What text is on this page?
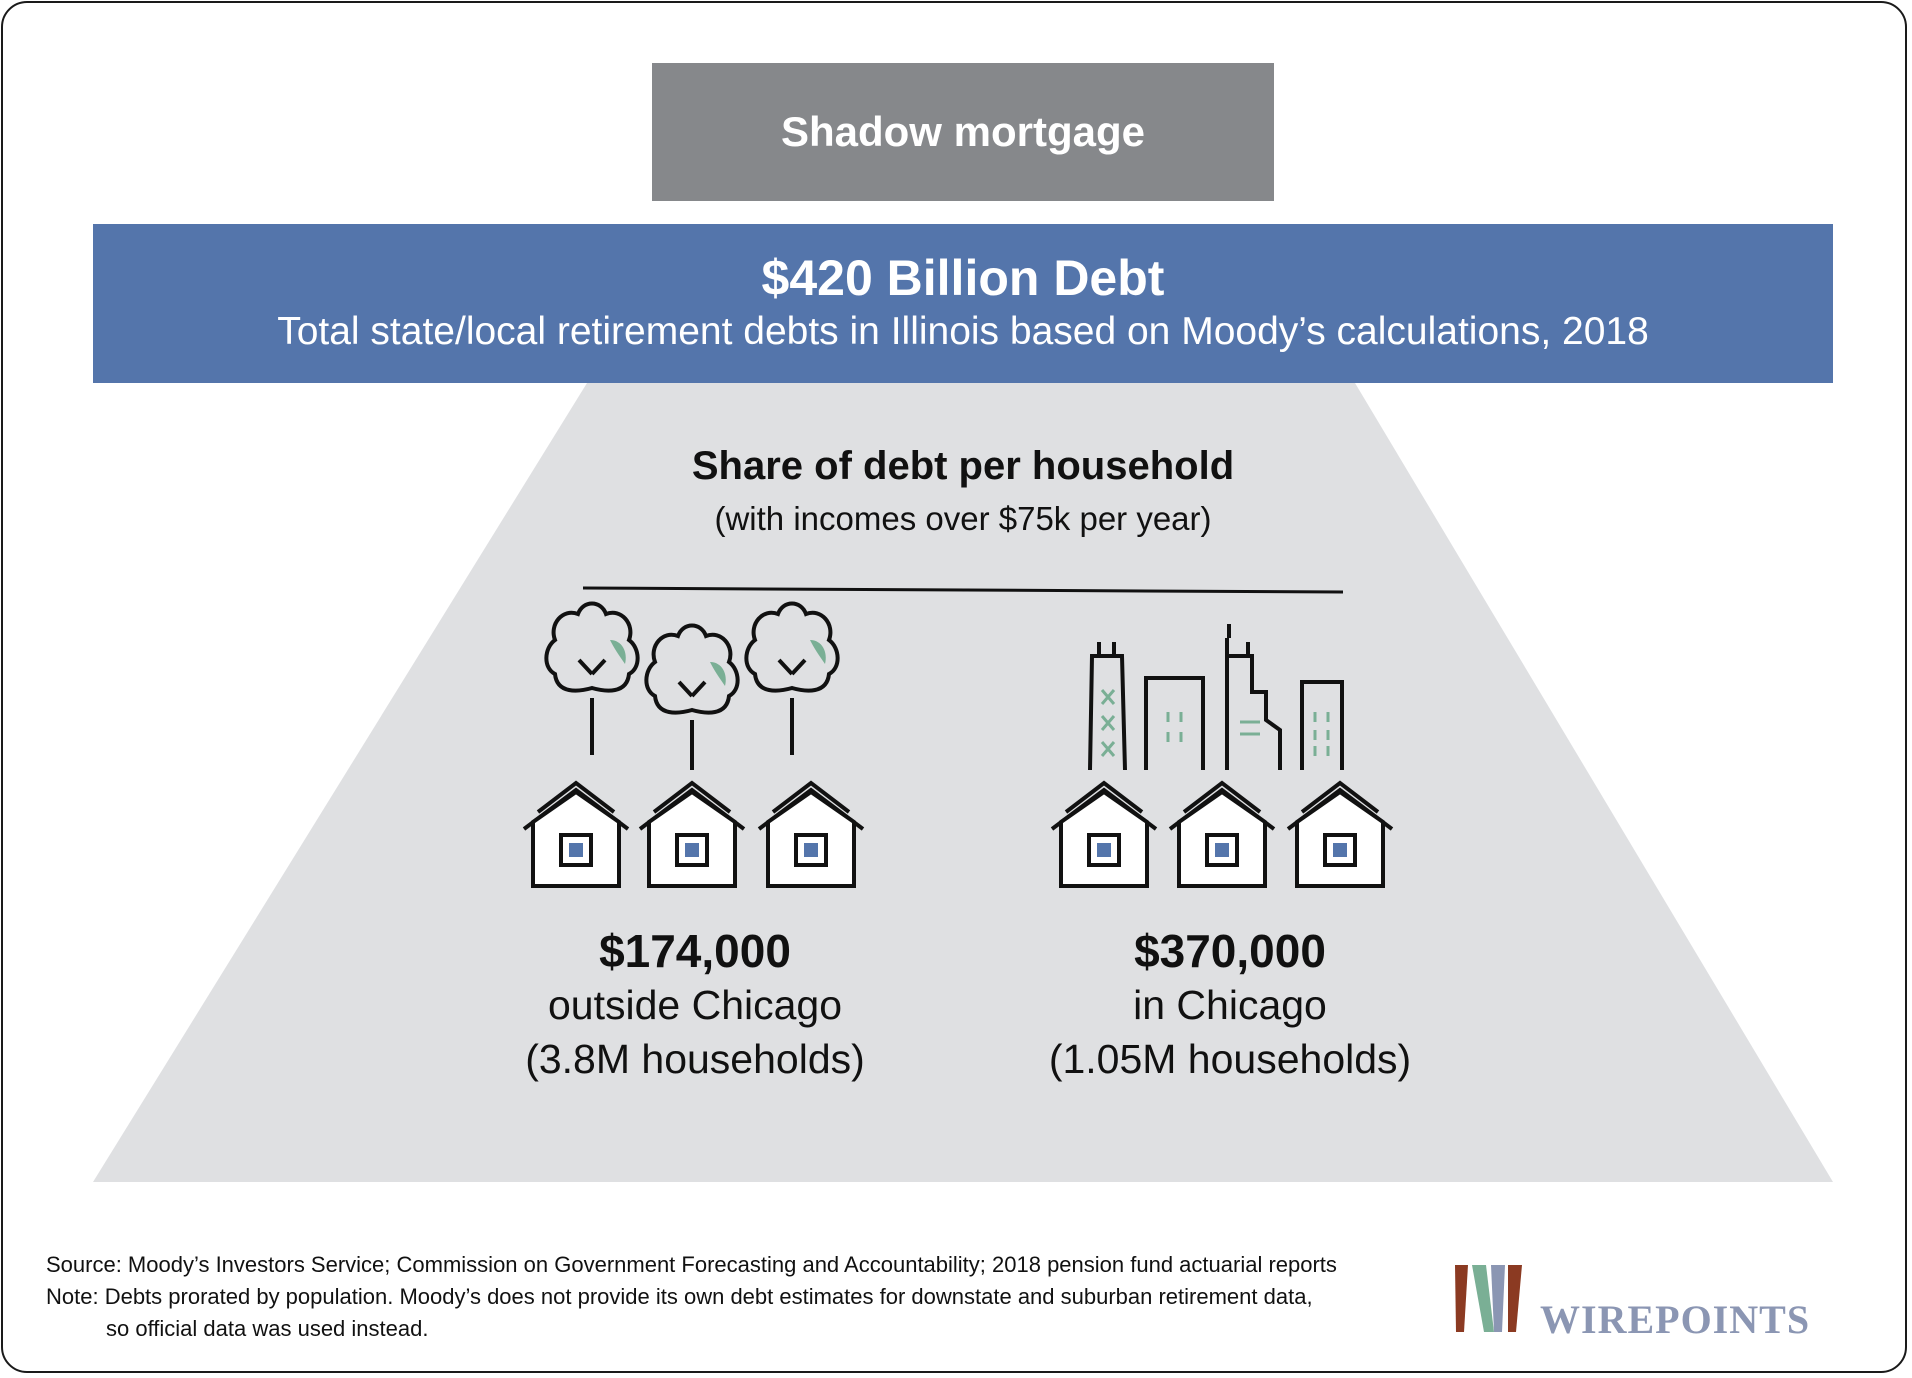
Shadow mortgage
$420 Billion Debt
Total state/local retirement debts in Illinois based on Moody’s calculations, 2018
Share of debt per household
(with incomes over $75k per year)
$174,000
outside Chicago
(3.8M households)
$370,000
in Chicago
(1.05M households)
Source: Moody’s Investors Service; Commission on Government Forecasting and Accountability; 2018 pension fund actuarial reports
Note: Debts prorated by population. Moody’s does not provide its own debt estimates for downstate and suburban retirement data,
so official data was used instead.	WIREPOINTS
